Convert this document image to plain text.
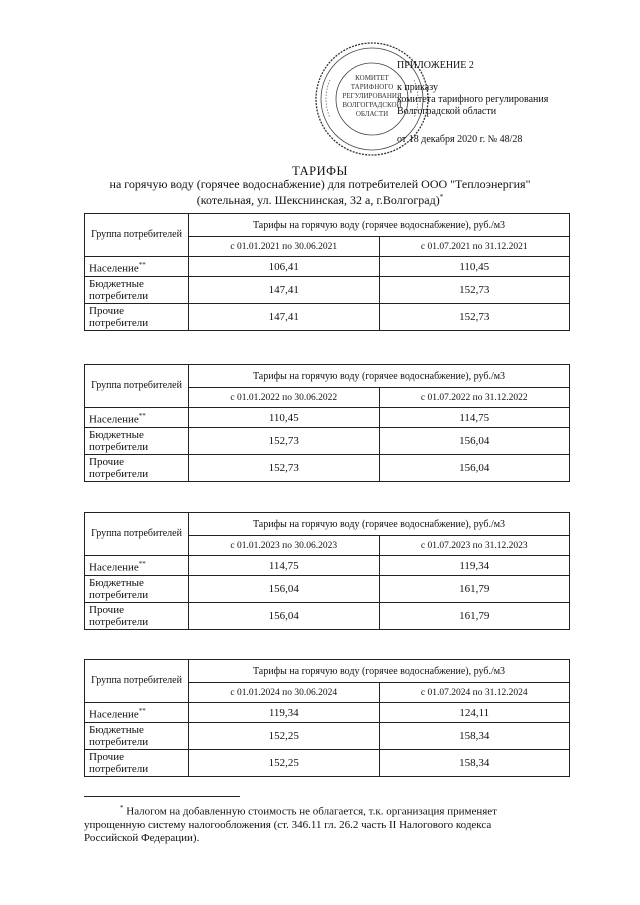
КОМИТЕТ
ТАРИФНОГО
РЕГУЛИРОВАНИЯ
ВОЛГОГРАДСКОЙ
ОБЛАСТИ
ПРИЛОЖЕНИЕ 2
к приказу
комитета тарифного регулирования
Волгоградской области
от 18 декабря 2020 г. № 48/28
ТАРИФЫ
на горячую воду (горячее водоснабжение) для потребителей ООО "Теплоэнергия"
(котельная, ул. Шекснинская, 32 а, г.Волгоград)*
Группа потребителей	Тарифы на горячую воду (горячее водоснабжение), руб./м3	
	с 01.01.2021 по 30.06.2021	с 01.07.2021 по 31.12.2021
Население**	106,41	110,45
Бюджетные потребители	147,41	152,73
Прочие потребители	147,41	152,73
Группа потребителей	Тарифы на горячую воду (горячее водоснабжение), руб./м3	
	с 01.01.2022 по 30.06.2022	с 01.07.2022 по 31.12.2022
Население**	110,45	114,75
Бюджетные потребители	152,73	156,04
Прочие потребители	152,73	156,04
Группа потребителей	Тарифы на горячую воду (горячее водоснабжение), руб./м3	
	с 01.01.2023 по 30.06.2023	с 01.07.2023 по 31.12.2023
Население**	114,75	119,34
Бюджетные потребители	156,04	161,79
Прочие потребители	156,04	161,79
Группа потребителей	Тарифы на горячую воду (горячее водоснабжение), руб./м3	
	с 01.01.2024 по 30.06.2024	с 01.07.2024 по 31.12.2024
Население**	119,34	124,11
Бюджетные потребители	152,25	158,34
Прочие потребители	152,25	158,34
* Налогом на добавленную стоимость не облагается, т.к. организация применяет
упрощенную систему налогообложения (ст. 346.11 гл. 26.2 часть II Налогового кодекса
Российской Федерации).
